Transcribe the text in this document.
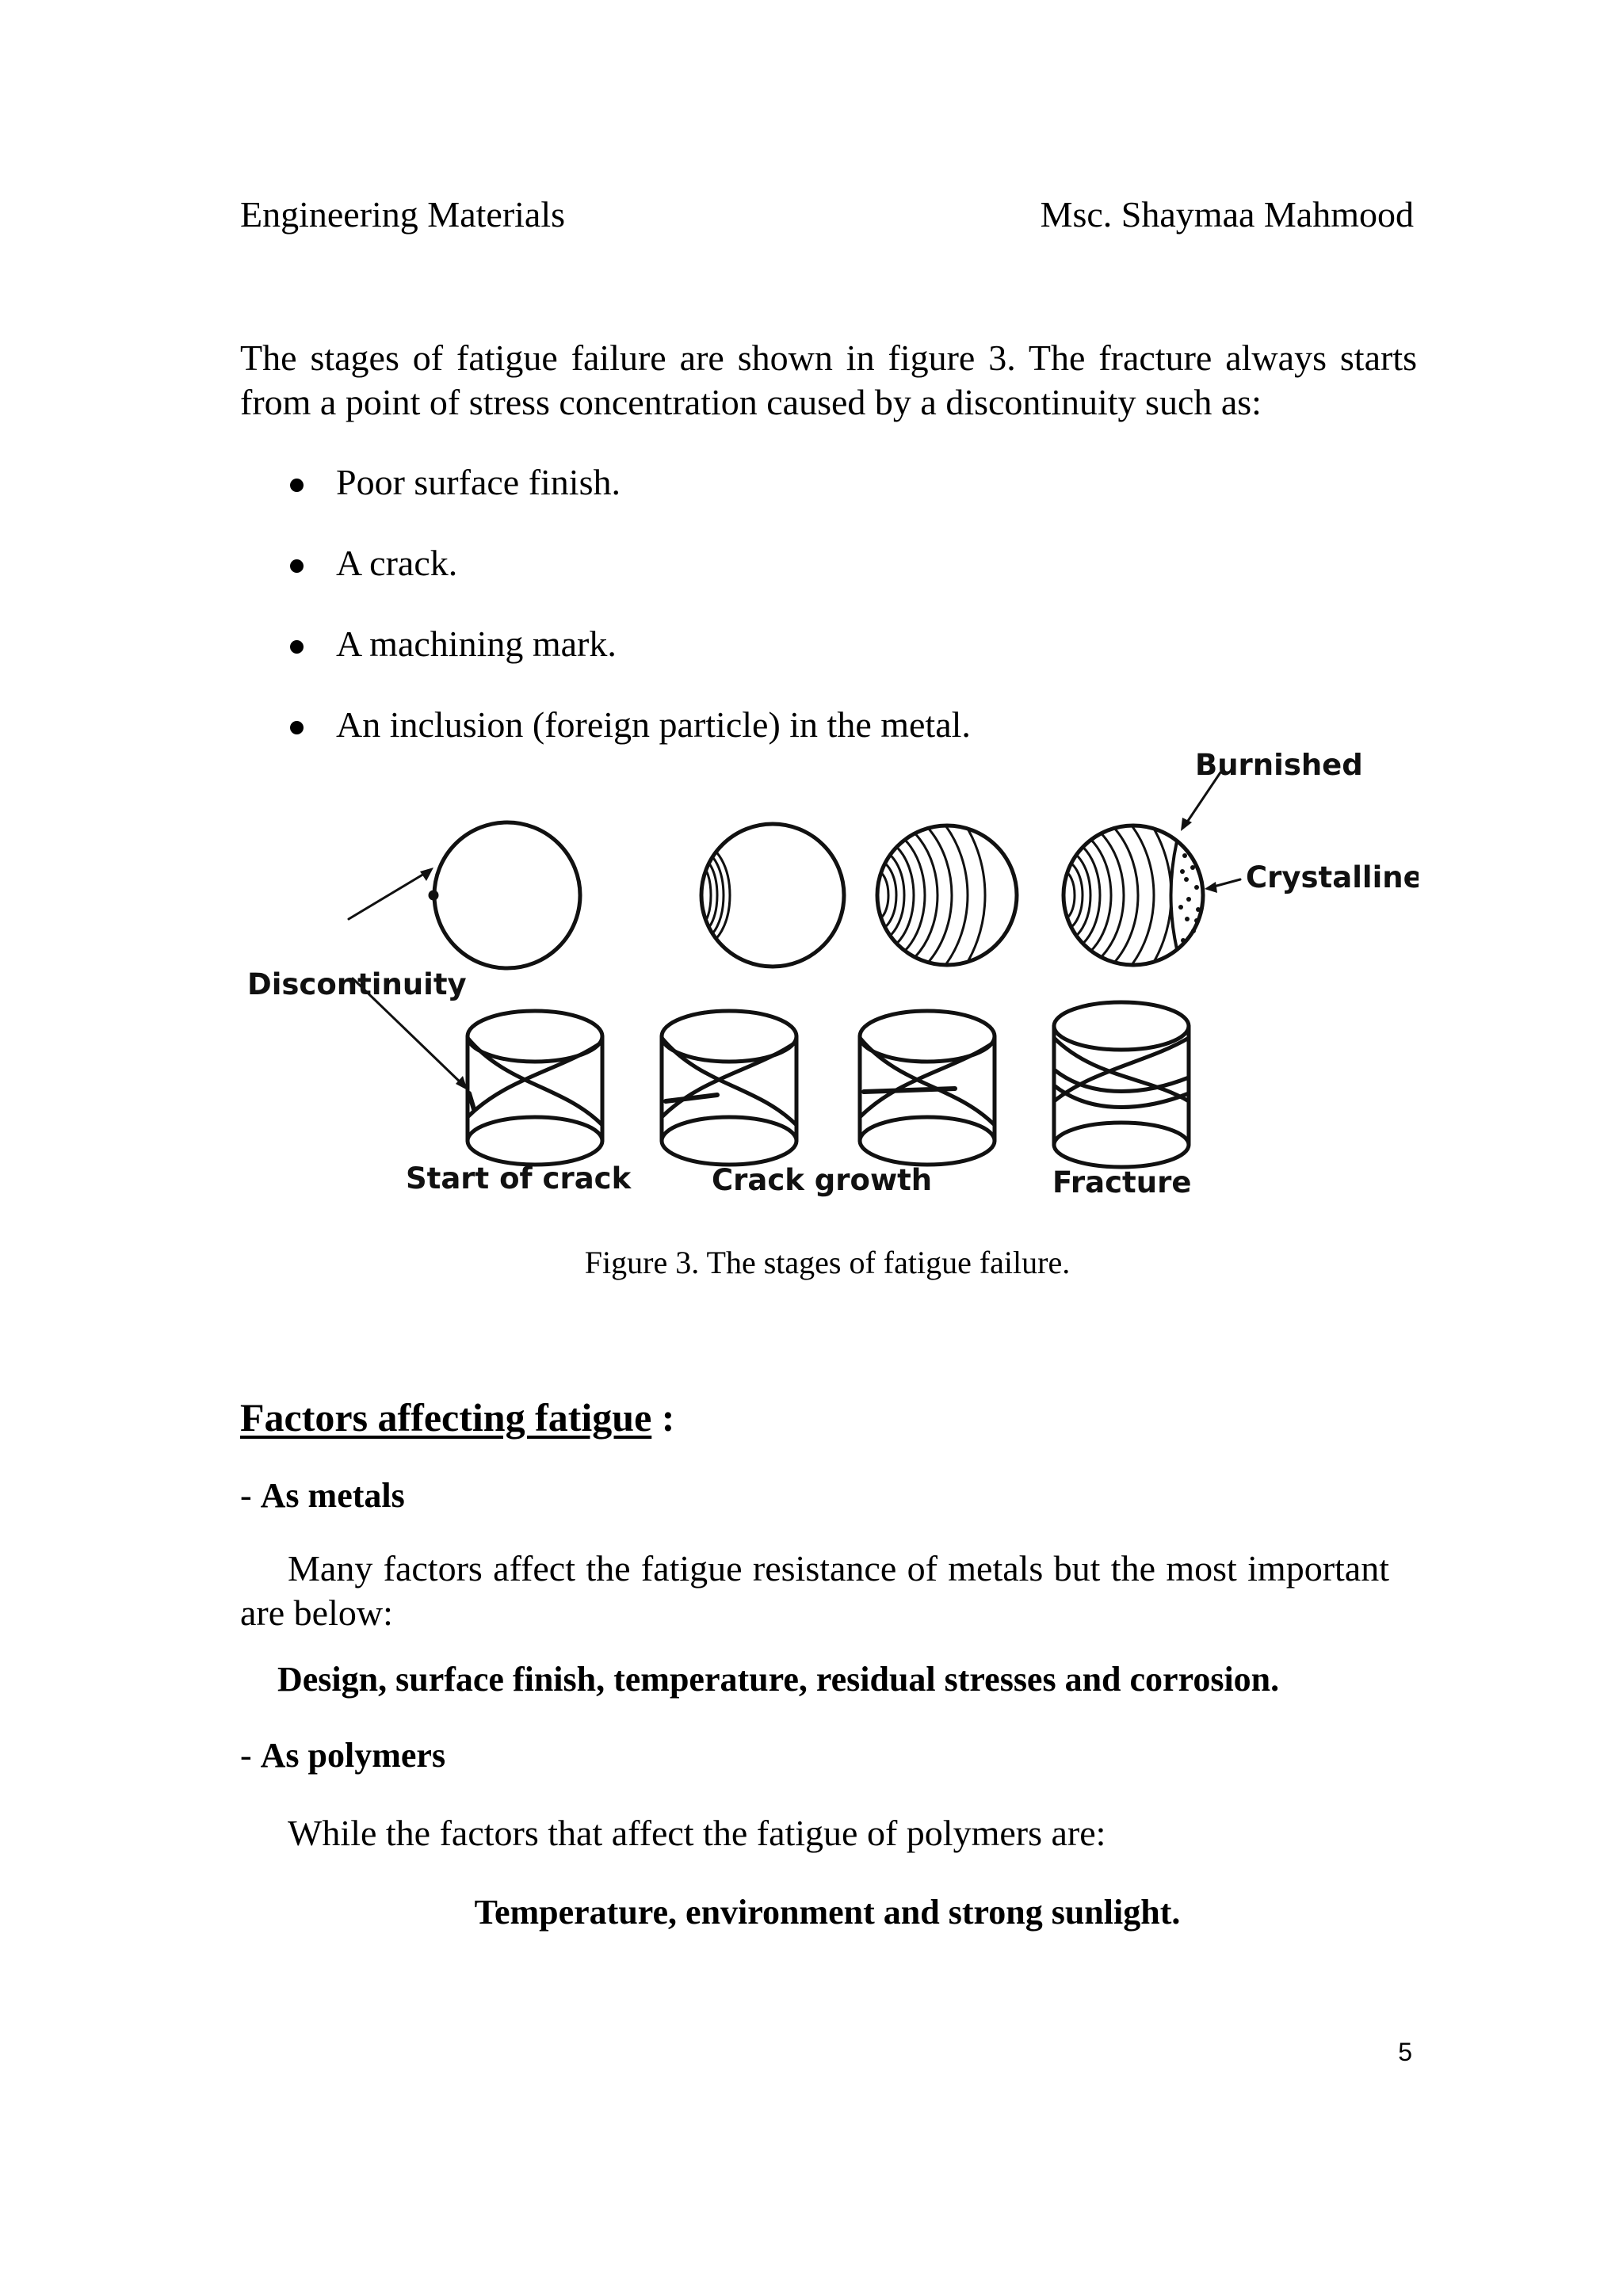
Engineering Materials	Msc. Shaymaa Mahmood

The stages of fatigue failure are shown in figure 3. The fracture always starts from a point of stress concentration caused by a discontinuity such as:

Poor surface finish.
A crack.
A machining mark.
An inclusion (foreign particle) in the metal.
Burnished
Crystalline
Discontinuity
Start of crack	Crack growth	Fracture
Figure 3. The stages of fatigue failure.
Factors affecting fatigue :
- As metals

Many factors affect the fatigue resistance of metals but the most important are below:

Design, surface finish, temperature, residual stresses and corrosion.
- As polymers

While the factors that affect the fatigue of polymers are:

Temperature, environment and strong sunlight.
5
